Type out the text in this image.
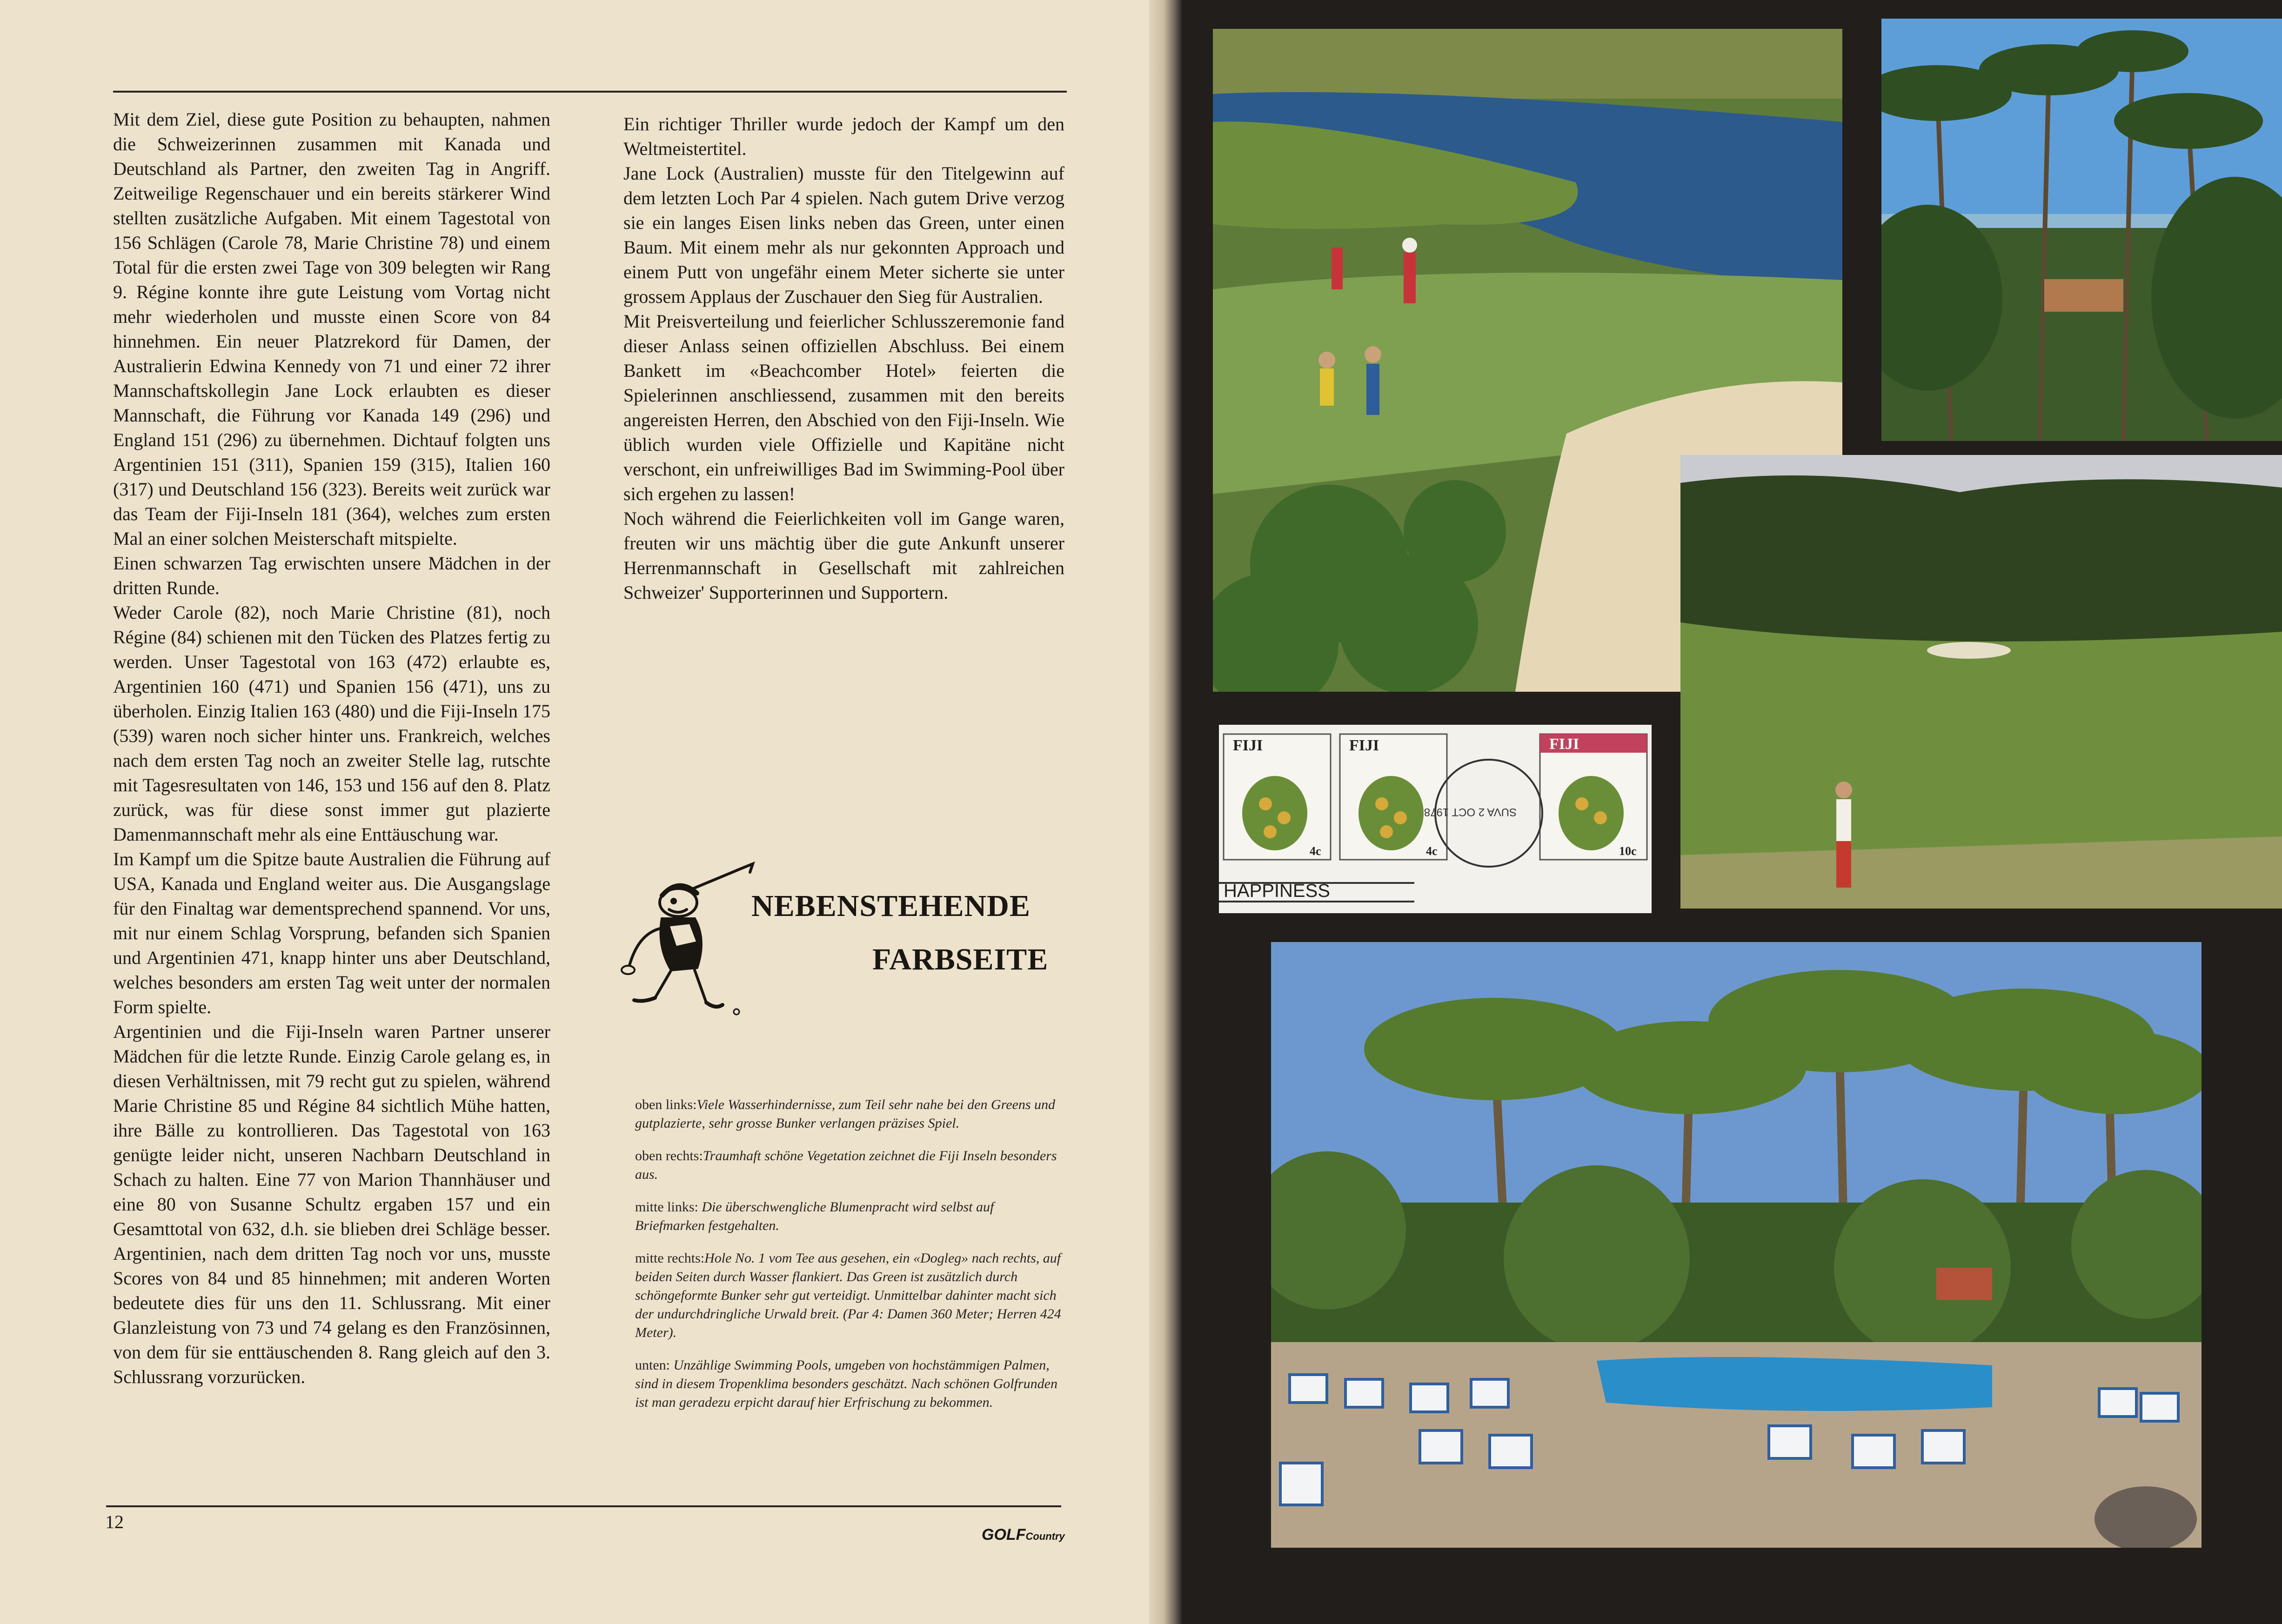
Mit dem Ziel, diese gute Position zu behaupten, nahmen die Schweizerinnen zusammen mit Kanada und Deutschland als Partner, den zweiten Tag in Angriff. Zeitweilige Regenschauer und ein bereits stärkerer Wind stellten zusätzliche Aufgaben. Mit einem Tagestotal von 156 Schlägen (Carole 78, Marie Christine 78) und einem Total für die ersten zwei Tage von 309 belegten wir Rang 9. Régine konnte ihre gute Leistung vom Vortag nicht mehr wiederholen und musste einen Score von 84 hinnehmen. Ein neuer Platzrekord für Damen, der Australierin Edwina Kennedy von 71 und einer 72 ihrer Mannschaftskollegin Jane Lock erlaubten es dieser Mannschaft, die Führung vor Kanada 149 (296) und England 151 (296) zu übernehmen. Dichtauf folgten uns Argentinien 151 (311), Spanien 159 (315), Italien 160 (317) und Deutschland 156 (323). Bereits weit zurück war das Team der Fiji-Inseln 181 (364), welches zum ersten Mal an einer solchen Meisterschaft mitspielte.

Einen schwarzen Tag erwischten unsere Mädchen in der dritten Runde.

Weder Carole (82), noch Marie Christine (81), noch Régine (84) schienen mit den Tücken des Platzes fertig zu werden. Unser Tagestotal von 163 (472) erlaubte es, Argentinien 160 (471) und Spanien 156 (471), uns zu überholen. Einzig Italien 163 (480) und die Fiji-Inseln 175 (539) waren noch sicher hinter uns. Frankreich, welches nach dem ersten Tag noch an zweiter Stelle lag, rutschte mit Tagesresultaten von 146, 153 und 156 auf den 8. Platz zurück, was für diese sonst immer gut plazierte Damenmannschaft mehr als eine Enttäuschung war.

Im Kampf um die Spitze baute Australien die Führung auf USA, Kanada und England weiter aus. Die Ausgangslage für den Finaltag war dementsprechend spannend. Vor uns, mit nur einem Schlag Vorsprung, befanden sich Spanien und Argentinien 471, knapp hinter uns aber Deutschland, welches besonders am ersten Tag weit unter der normalen Form spielte.

Argentinien und die Fiji-Inseln waren Partner unserer Mädchen für die letzte Runde. Einzig Carole gelang es, in diesen Verhältnissen, mit 79 recht gut zu spielen, während Marie Christine 85 und Régine 84 sichtlich Mühe hatten, ihre Bälle zu kontrollieren. Das Tagestotal von 163 genügte leider nicht, unseren Nachbarn Deutschland in Schach zu halten. Eine 77 von Marion Thannhäuser und eine 80 von Susanne Schultz ergaben 157 und ein Gesamttotal von 632, d.h. sie blieben drei Schläge besser. Argentinien, nach dem dritten Tag noch vor uns, musste Scores von 84 und 85 hinnehmen; mit anderen Worten bedeutete dies für uns den 11. Schlussrang. Mit einer Glanzleistung von 73 und 74 gelang es den Französinnen, von dem für sie enttäuschenden 8. Rang gleich auf den 3. Schlussrang vorzurücken.

Ein richtiger Thriller wurde jedoch der Kampf um den Weltmeistertitel.

Jane Lock (Australien) musste für den Titelgewinn auf dem letzten Loch Par 4 spielen. Nach gutem Drive verzog sie ein langes Eisen links neben das Green, unter einen Baum. Mit einem mehr als nur gekonnten Approach und einem Putt von ungefähr einem Meter sicherte sie unter grossem Applaus der Zuschauer den Sieg für Australien.

Mit Preisverteilung und feierlicher Schlusszeremonie fand dieser Anlass seinen offiziellen Abschluss. Bei einem Bankett im «Beachcomber Hotel» feierten die Spielerinnen anschliessend, zusammen mit den bereits angereisten Herren, den Abschied von den Fiji-Inseln. Wie üblich wurden viele Offizielle und Kapitäne nicht verschont, ein unfreiwilliges Bad im Swimming-Pool über sich ergehen zu lassen!

Noch während die Feierlichkeiten voll im Gange waren, freuten wir uns mächtig über die gute Ankunft unserer Herrenmannschaft in Gesellschaft mit zahlreichen Schweizer' Supporterinnen und Supportern.

NEBENSTEHENDE
FARBSEITE
oben links:Viele Wasserhindernisse, zum Teil sehr nahe bei den Greens und gutplazierte, sehr grosse Bunker verlangen präzises Spiel.
oben rechts:Traumhaft schöne Vegetation zeichnet die Fiji Inseln besonders aus.
mitte links: Die überschwengliche Blumenpracht wird selbst auf Briefmarken festgehalten.
mitte rechts:Hole No. 1 vom Tee aus gesehen, ein «Dogleg» nach rechts, auf beiden Seiten durch Wasser flankiert. Das Green ist zusätzlich durch schöngeformte Bunker sehr gut verteidigt. Unmittelbar dahinter macht sich der undurchdringliche Urwald breit. (Par 4: Damen 360 Meter; Herren 424 Meter).
unten: Unzählige Swimming Pools, umgeben von hochstämmigen Palmen, sind in diesem Tropenklima besonders geschätzt. Nach schönen Golfrunden ist man geradezu erpicht darauf hier Erfrischung zu bekommen.
12
GOLFCountry
FIJI	FIJI	FIJI
4c	4c	10c
SUVA 2 OCT 1978
HAPPINESS
